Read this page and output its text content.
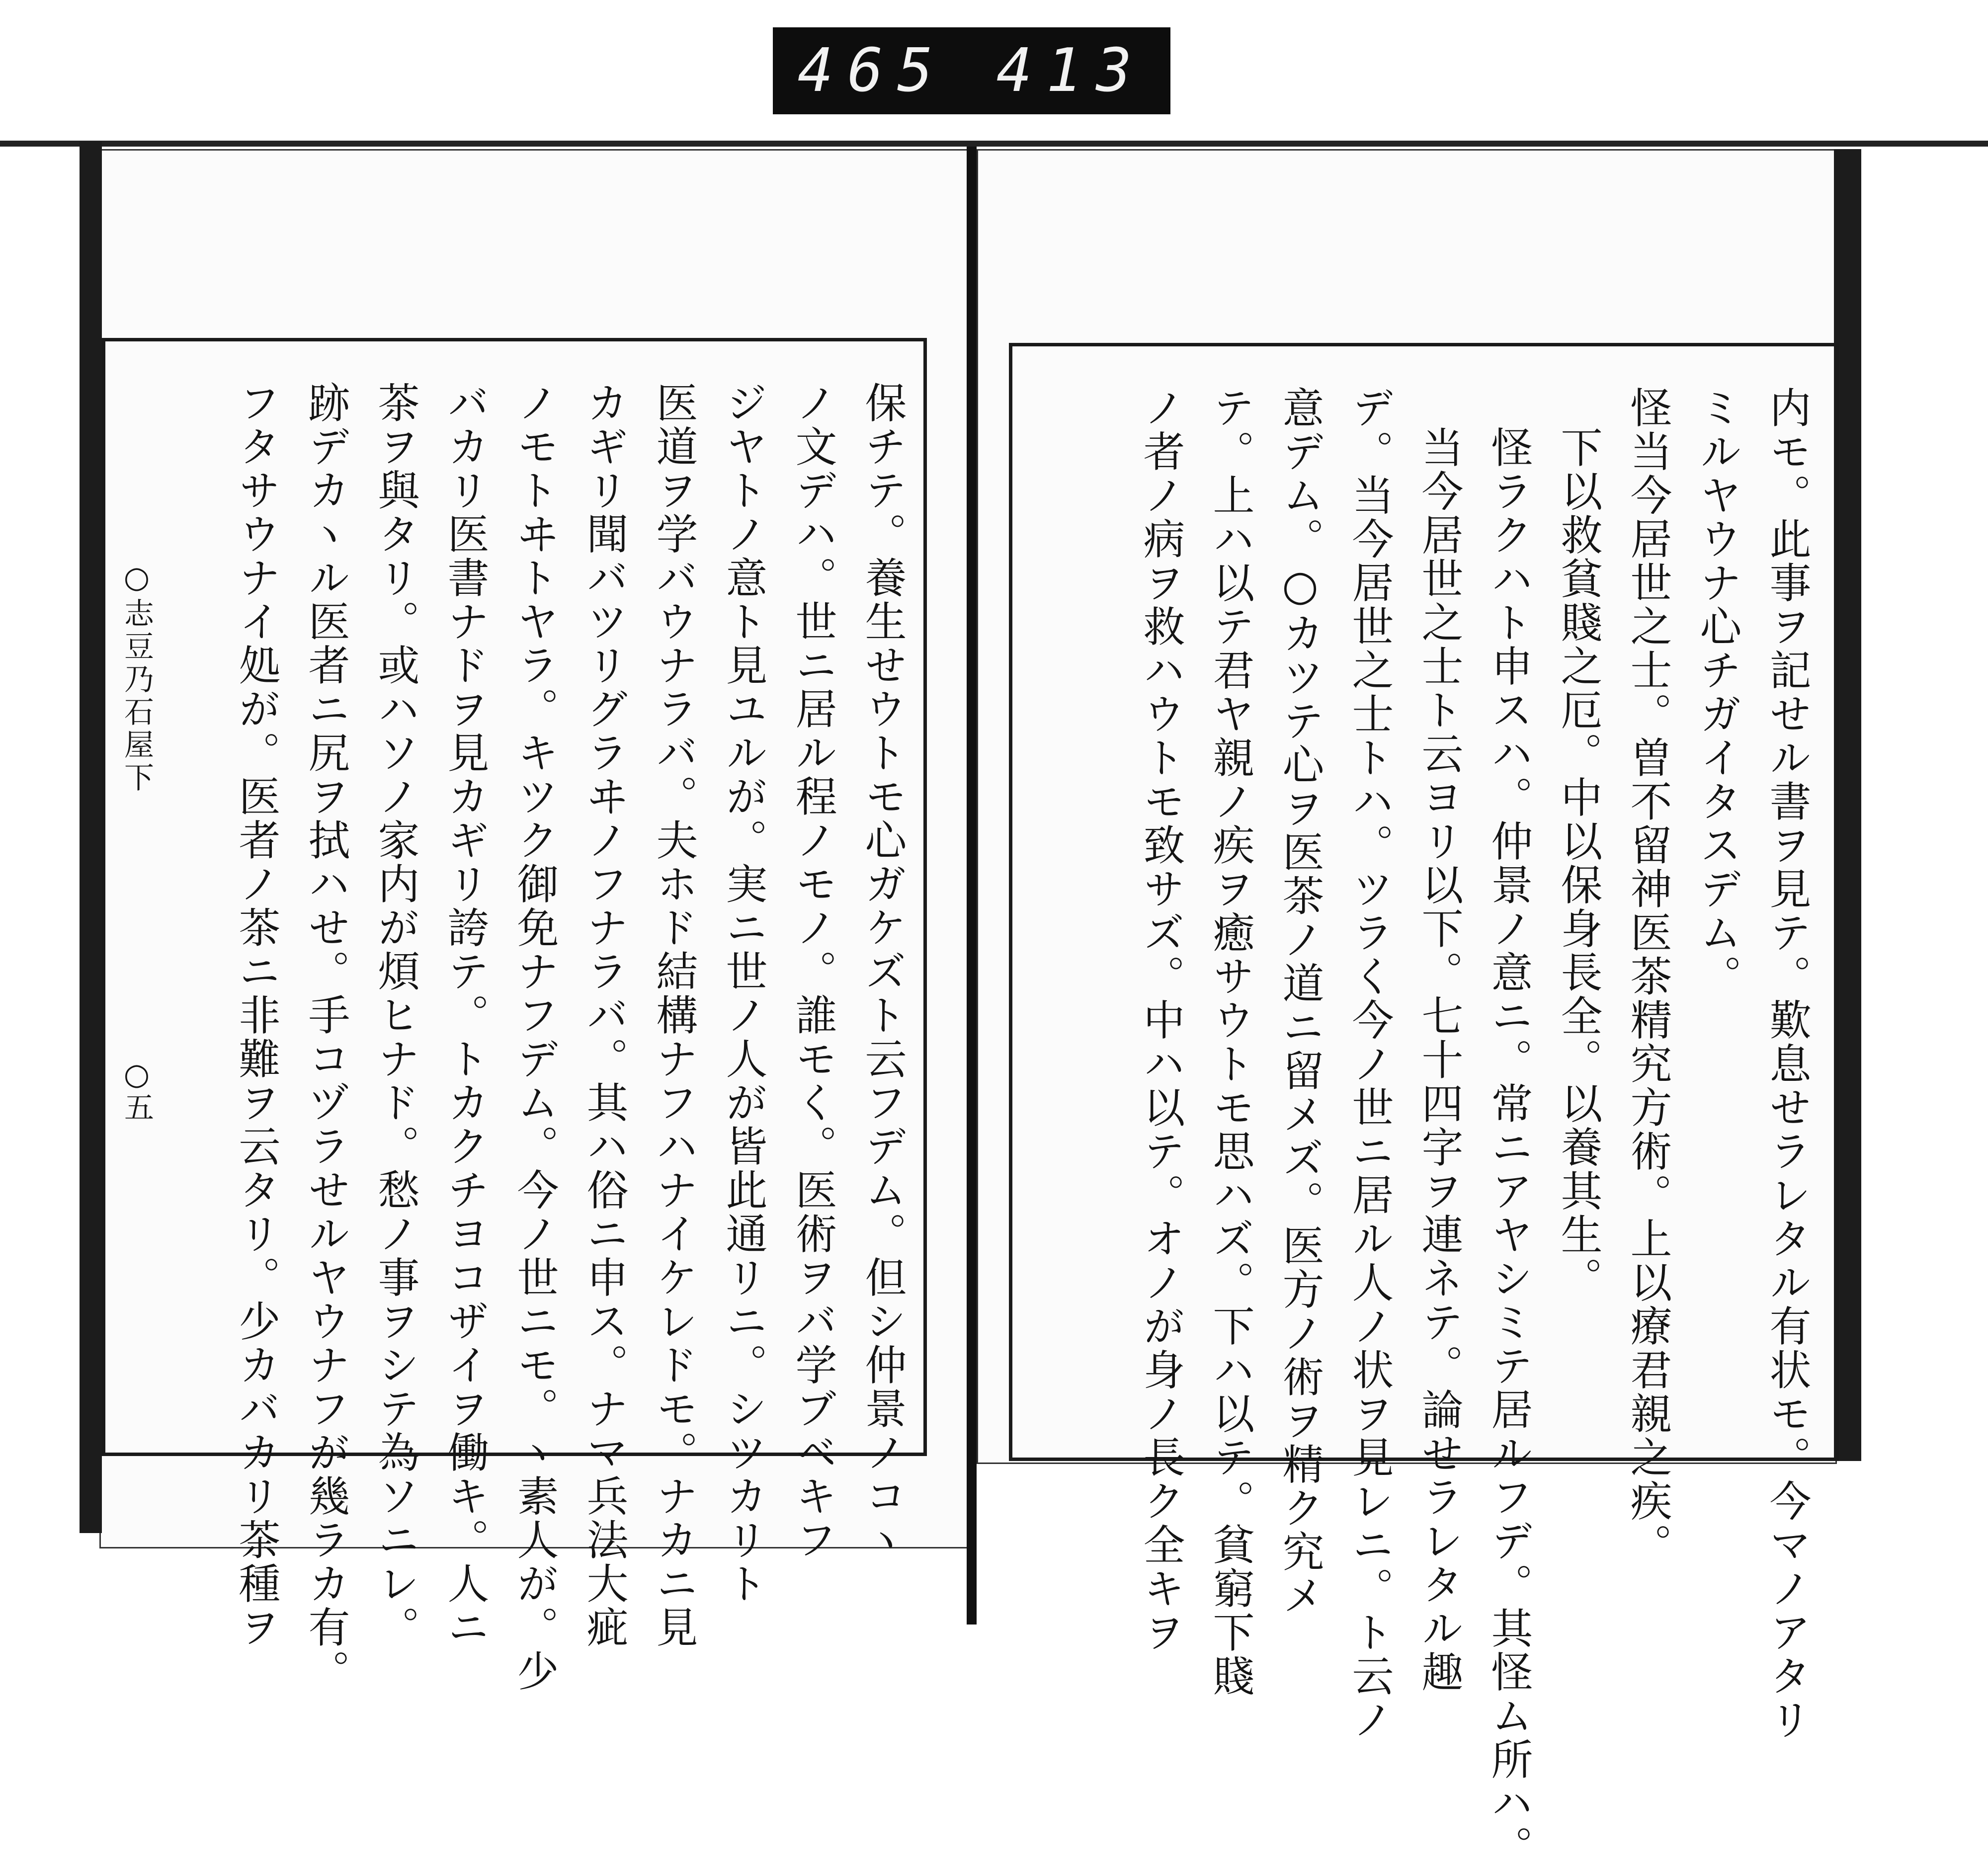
465 413
保チテ。養生せウトモ心ガケズト云フデム。但シ仲景ノコヽ
ノ文デハ。世ニ居ル程ノモノ。誰モく。医術ヲバ学ブベキフ
ジヤトノ意ト見ユルが。実ニ世ノ人が皆此通リニ。シツカリト
医道ヲ学バウナラバ。夫ホド結構ナフハナイケレドモ。ナカニ見
カギリ聞バツリグラヰノフナラバ。其ハ俗ニ申ス。ナマ兵法大疵
ノモトヰトヤラ。キツク御免ナフデム。今ノ世ニモ。ヽ素人が。少
バカリ医書ナドヲ見カギリ誇テ。トカクチヨコザイヲ働キ。人ニ
茶ヲ與タリ。或ハソノ家内が煩ヒナド。愁ノ事ヲシテ為ソニレ。
跡デカヽル医者ニ尻ヲ拭ハせ。手コヅラせルヤウナフが幾ラカ有。
フタサウナイ処が。医者ノ茶ニ非難ヲ云タリ。少カバカリ茶種ヲ
○志豆乃石屋下
○五	内モ。此事ヲ記せル書ヲ見テ。歎息せラレタル有状モ。今マノアタリ
ミルヤウナ心チガイタスデム。
怪当今居世之士。曽不留神医茶精究方術。上以療君親之疾。
下以救貧賤之厄。中以保身長全。以養其生。
怪ラクハト申スハ。仲景ノ意ニ。常ニアヤシミテ居ルフデ。其怪ム所ハ。
当今居世之士ト云ヨリ以下。七十四字ヲ連ネテ。論せラレタル趣
デ。当今居世之士トハ。ツラく今ノ世ニ居ル人ノ状ヲ見レニ。ト云ノ
意デム。○カツテ心ヲ医茶ノ道ニ留メズ。医方ノ術ヲ精ク究メ
テ。上ハ以テ君ヤ親ノ疾ヲ癒サウトモ思ハズ。下ハ以テ。貧窮下賤
ノ者ノ病ヲ救ハウトモ致サズ。中ハ以テ。オノが身ノ長ク全キヲ
